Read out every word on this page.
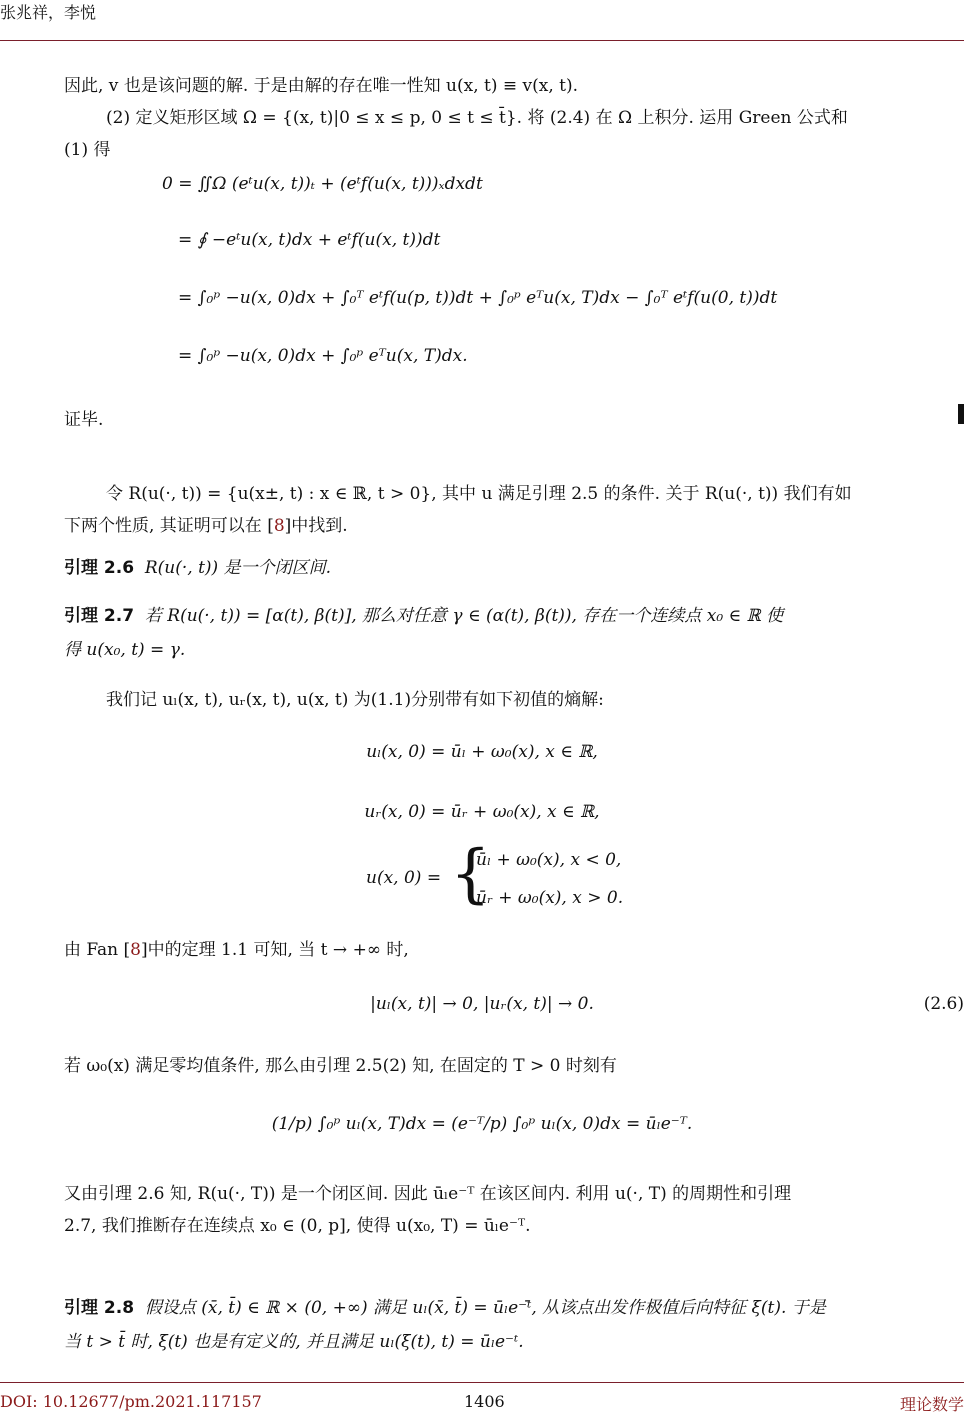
张兆祥，李悦
因此, v 也是该问题的解. 于是由解的存在唯一性知 u(x, t) ≡ v(x, t).
(2) 定义矩形区域 Ω = {(x, t)|0 ≤ x ≤ p, 0 ≤ t ≤ t̄}. 将 (2.4) 在 Ω 上积分. 运用 Green 公式和
(1) 得
0 = ∬Ω (eᵗu(x, t))ₜ + (eᵗf(u(x, t)))ₓdxdt
= ∮ −eᵗu(x, t)dx + eᵗf(u(x, t))dt
= ∫₀ᵖ −u(x, 0)dx + ∫₀ᵀ eᵗf(u(p, t))dt + ∫₀ᵖ eᵀu(x, T)dx − ∫₀ᵀ eᵗf(u(0, t))dt
= ∫₀ᵖ −u(x, 0)dx + ∫₀ᵖ eᵀu(x, T)dx.
证毕.
令 R(u(·, t)) = {u(x±, t) : x ∈ ℝ, t > 0}, 其中 u 满足引理 2.5 的条件. 关于 R(u(·, t)) 我们有如
下两个性质, 其证明可以在 [8]中找到.
引理 2.6 R(u(·, t)) 是一个闭区间.
引理 2.7 若 R(u(·, t)) = [α(t), β(t)], 那么对任意 γ ∈ (α(t), β(t)), 存在一个连续点 x₀ ∈ ℝ 使
得 u(x₀, t) = γ.
我们记 uₗ(x, t), uᵣ(x, t), u(x, t) 为(1.1)分别带有如下初值的熵解:
uₗ(x, 0) = ūₗ + ω₀(x), x ∈ ℝ,
uᵣ(x, 0) = ūᵣ + ω₀(x), x ∈ ℝ,
u(x, 0) = {
ūₗ + ω₀(x), x < 0,
ūᵣ + ω₀(x), x > 0.
由 Fan [8]中的定理 1.1 可知, 当 t → +∞ 时,
|uₗ(x, t)| → 0, |uᵣ(x, t)| → 0.	(2.6)
若 ω₀(x) 满足零均值条件, 那么由引理 2.5(2) 知, 在固定的 T > 0 时刻有
(1/p) ∫₀ᵖ uₗ(x, T)dx = (e⁻ᵀ/p) ∫₀ᵖ uₗ(x, 0)dx = ūₗe⁻ᵀ.
又由引理 2.6 知, R(u(·, T)) 是一个闭区间. 因此 ūₗe⁻ᵀ 在该区间内. 利用 u(·, T) 的周期性和引理
2.7, 我们推断存在连续点 x₀ ∈ (0, p], 使得 u(x₀, T) = ūₗe⁻ᵀ.
引理 2.8 假设点 (x̄, t̄) ∈ ℝ × (0, +∞) 满足 uₗ(x̄, t̄) = ūₗe⁻ᵗ̄, 从该点出发作极值后向特征 ξ(t). 于是
当 t > t̄ 时, ξ(t) 也是有定义的, 并且满足 uₗ(ξ(t), t) = ūₗe⁻ᵗ.
DOI: 10.12677/pm.2021.117157	1406	理论数学
